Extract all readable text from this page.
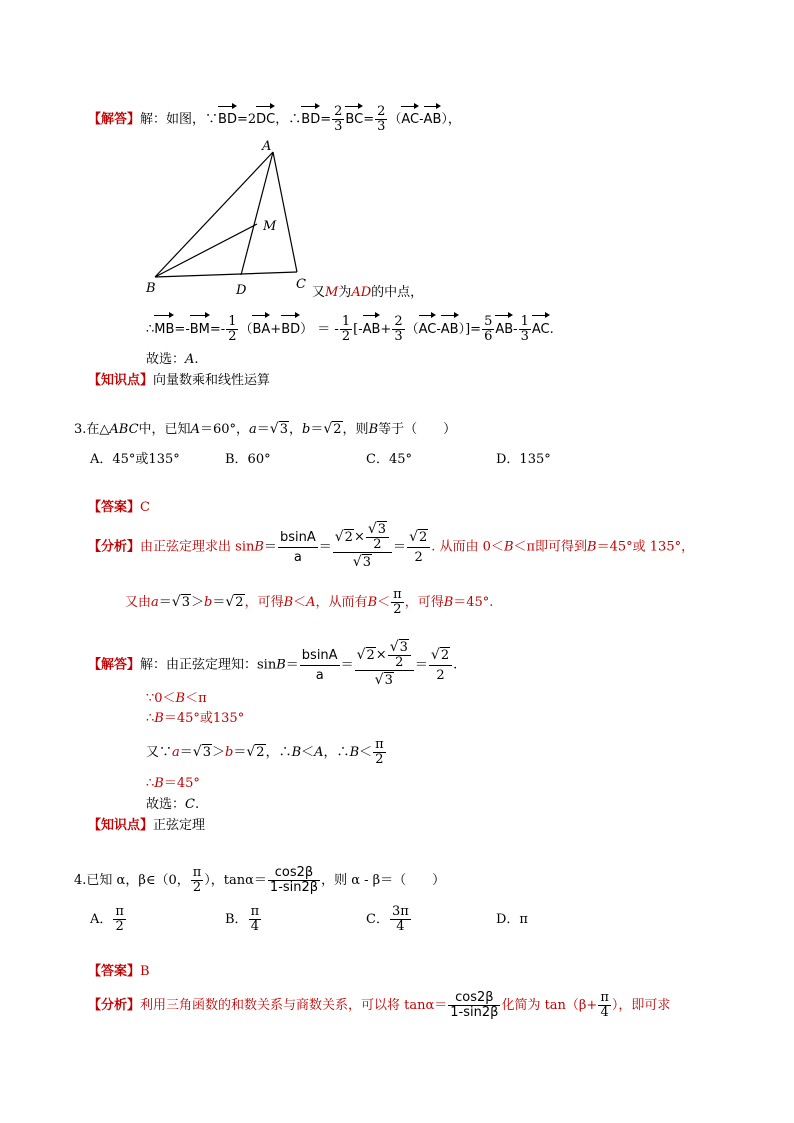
【解答】解：如图，∵BD=2DC，∴BD= $\frac{2}{3} BC= \frac{2}{3} (AC-AB)$，
A
B	C
D
M
又M为AD的中点，
∴MB=-BM=- $\frac{1}{2} (BA+BD)$ ＝ - $\frac{1}{2} [-AB+ \frac{2}{3} (AC-AB)]= \frac{5}{6} AB- \frac{1}{3}$ AC.
故选：A.
【知识点】向量数乘和线性运算
3.在△ABC中，已知A＝60°，a＝√3，b＝√2，则B等于（　　）
A．45°或135°	B．60°	C．45°	D．135°
【答案】C
【分析】由正弦定理求出 $\sin B= \frac{bsinA}{a} = \frac{√2\times \frac{√3}{2}}{√3} = \frac{√2}{2}$ . 从而由 0＜B＜π即可得到B＝45°或 135°，
又由a＝√3＞b＝√2，可得B＜A，从而有$B< \frac{\pi}{2}$ ，可得B＝45°.
【解答】解：由正弦定理知：$\sin B= \frac{bsinA}{a} = \frac{√2\times \frac{√3}{2}}{√3} = \frac{√2}{2}$ .
∵0＜B＜π
∴B＝45°或135°
又∵a＝√3＞b＝√2，∴B＜A，∴B＜ $\frac{\pi}{2}$
∴B＝45°
故选：C.
【知识点】正弦定理
4.已知 α，β∈（0， $\frac{\pi}{2}$ ），$\tan\alpha= \frac{\cos 2\beta}{1-\sin 2\beta}$ ，则 α - β＝（　　）
A． $\frac{\pi}{2}$	B． $\frac{\pi}{4}$	C． $\frac{3\pi}{4}$	D．π
【答案】B
【分析】利用三角函数的和数关系与商数关系，可以将 $\tan\alpha= \frac{\cos 2\beta}{1-\sin 2\beta}$ 化简为 $\tan(\beta+ \frac{\pi}{4}$ ），即可求
